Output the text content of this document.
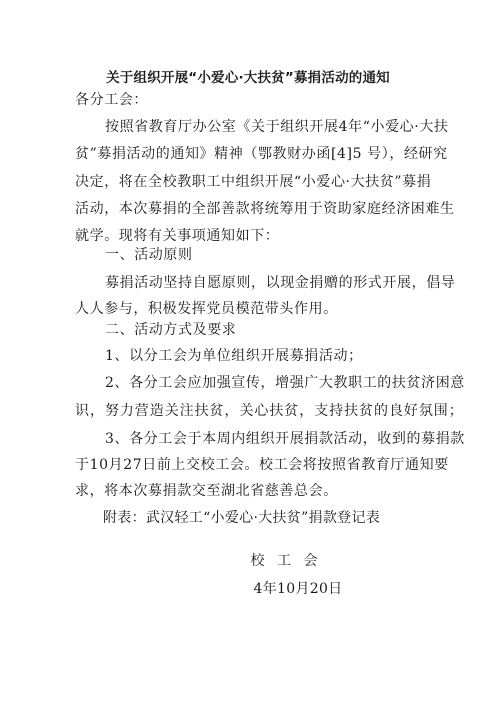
关于组织开展“小爱心·大扶贫”募捐活动的通知
各分工会：
按照省教育厅办公室《关于组织开展4年“小爱心·大扶
贫”募捐活动的通知》精神（鄂教财办函[4]5 号），经研究
决定，将在全校教职工中组织开展“小爱心·大扶贫”募捐
活动，本次募捐的全部善款将统筹用于资助家庭经济困难生
就学。现将有关事项通知如下：
一、活动原则
募捐活动坚持自愿原则，以现金捐赠的形式开展，倡导
人人参与，积极发挥党员模范带头作用。
二、活动方式及要求
1、以分工会为单位组织开展募捐活动；
2、各分工会应加强宣传，增强广大教职工的扶贫济困意
识，努力营造关注扶贫，关心扶贫，支持扶贫的良好氛围；
3、各分工会于本周内组织开展捐款活动，收到的募捐款
于10月27日前上交校工会。校工会将按照省教育厅通知要
求，将本次募捐款交至湖北省慈善总会。
附表：武汉轻工“小爱心·大扶贫”捐款登记表
校 工 会
4年10月20日
